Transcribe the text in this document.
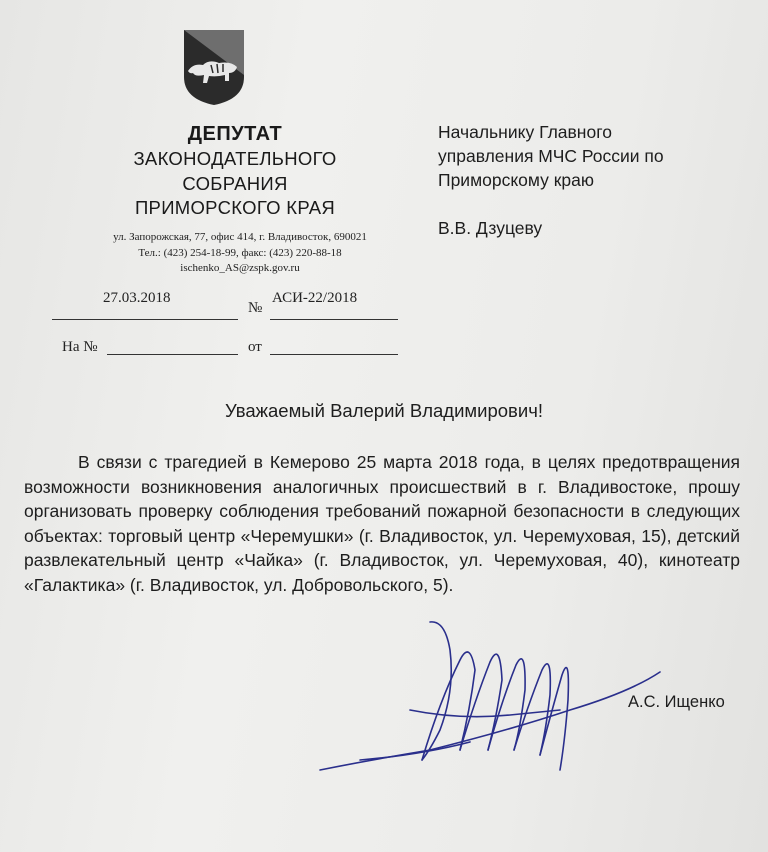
ДЕПУТАТ
ЗАКОНОДАТЕЛЬНОГО
СОБРАНИЯ
ПРИМОРСКОГО КРАЯ
ул. Запорожская, 77, офис 414, г. Владивосток, 690021
Тел.: (423) 254-18-99, факс: (423) 220-88-18
ischenko_AS@zspk.gov.ru
27.03.2018
№
АСИ-22/2018
На №	от
Начальнику Главного
управления МЧС России по
Приморскому краю
В.В. Дзуцеву
Уважаемый Валерий Владимирович!
В связи с трагедией в Кемерово 25 марта 2018 года, в целях предотвращения возможности возникновения аналогичных происшествий в г. Владивостоке, прошу организовать проверку соблюдения требований пожарной безопасности в следующих объектах: торговый центр «Черемушки» (г. Владивосток, ул. Черемуховая, 15), детский развлекательный центр «Чайка» (г. Владивосток, ул. Черемуховая, 40), кинотеатр «Галактика» (г. Владивосток, ул. Добровольского, 5).
А.С. Ищенко
